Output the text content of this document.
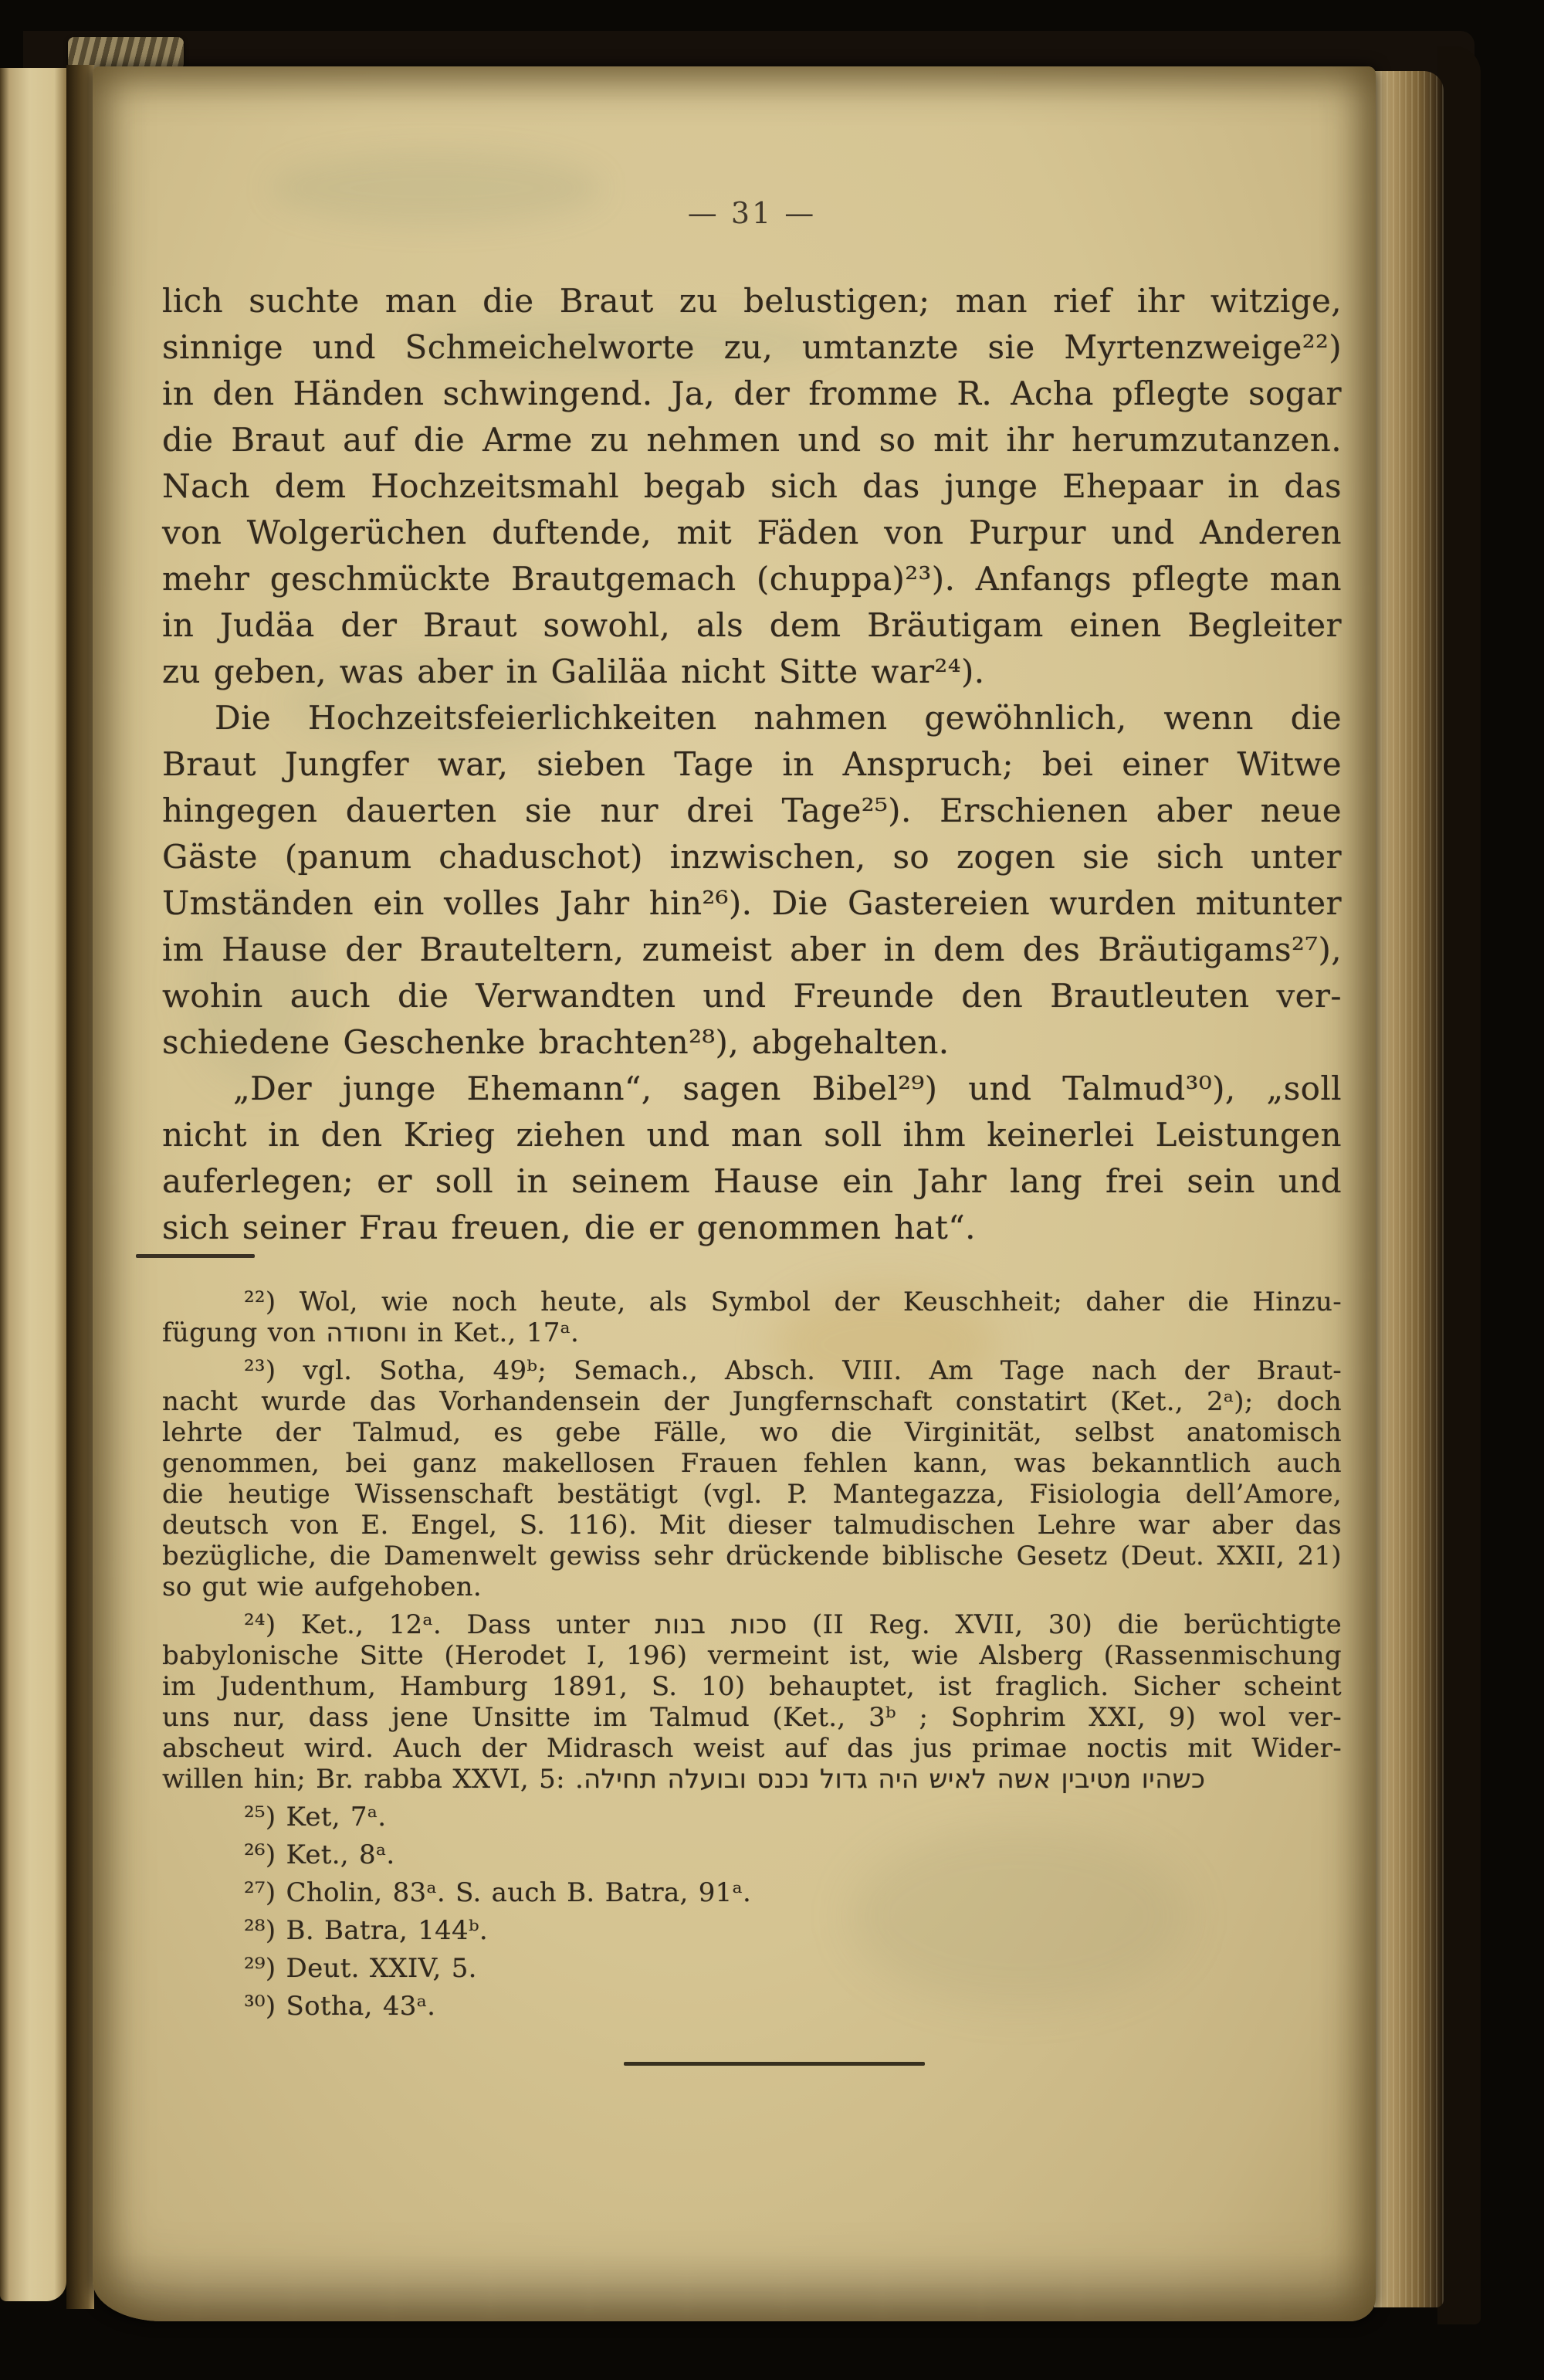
— 31 —
lich suchte man die Braut zu belustigen; man rief ihr witzige,
sinnige und Schmeichelworte zu, umtanzte sie Myrtenzweige²²)
in den Händen schwingend. Ja, der fromme R. Acha pflegte sogar
die Braut auf die Arme zu nehmen und so mit ihr herumzutanzen.
Nach dem Hochzeitsmahl begab sich das junge Ehepaar in das
von Wolgerüchen duftende, mit Fäden von Purpur und Anderen
mehr geschmückte Brautgemach (chuppa)²³). Anfangs pflegte man
in Judäa der Braut sowohl, als dem Bräutigam einen Begleiter
zu geben, was aber in Galiläa nicht Sitte war²⁴).
Die Hochzeitsfeierlichkeiten nahmen gewöhnlich, wenn die
Braut Jungfer war, sieben Tage in Anspruch; bei einer Witwe
hingegen dauerten sie nur drei Tage²⁵). Erschienen aber neue
Gäste (panum chaduschot) inzwischen, so zogen sie sich unter
Umständen ein volles Jahr hin²⁶). Die Gastereien wurden mitunter
im Hause der Brauteltern, zumeist aber in dem des Bräutigams²⁷),
wohin auch die Verwandten und Freunde den Brautleuten ver-
schiedene Geschenke brachten²⁸), abgehalten.
„Der junge Ehemann“, sagen Bibel²⁹) und Talmud³⁰), „soll
nicht in den Krieg ziehen und man soll ihm keinerlei Leistungen
auferlegen; er soll in seinem Hause ein Jahr lang frei sein und
sich seiner Frau freuen, die er genommen hat“.
²²) Wol, wie noch heute, als Symbol der Keuschheit; daher die Hinzu-
fügung von וחסודה in Ket., 17ᵃ.
²³) vgl. Sotha, 49ᵇ; Semach., Absch. VIII. Am Tage nach der Braut-
nacht wurde das Vorhandensein der Jungfernschaft constatirt (Ket., 2ᵃ); doch
lehrte der Talmud, es gebe Fälle, wo die Virginität, selbst anatomisch
genommen, bei ganz makellosen Frauen fehlen kann, was bekanntlich auch
die heutige Wissenschaft bestätigt (vgl. P. Mantegazza, Fisiologia dell’Amore,
deutsch von E. Engel, S. 116). Mit dieser talmudischen Lehre war aber das
bezügliche, die Damenwelt gewiss sehr drückende biblische Gesetz (Deut. XXII, 21)
so gut wie aufgehoben.
²⁴) Ket., 12ᵃ. Dass unter סכות בנות (II Reg. XVII, 30) die berüchtigte
babylonische Sitte (Herodet I, 196) vermeint ist, wie Alsberg (Rassenmischung
im Judenthum, Hamburg 1891, S. 10) behauptet, ist fraglich. Sicher scheint
uns nur, dass jene Unsitte im Talmud (Ket., 3ᵇ ; Sophrim XXI, 9) wol ver-
abscheut wird. Auch der Midrasch weist auf das jus primae noctis mit Wider-
willen hin; Br. rabba XXVI, 5: כשהיו מטיבין אשה לאיש היה גדול נכנס ובועלה תחילה.‏
²⁵) Ket, 7ᵃ.
²⁶) Ket., 8ᵃ.
²⁷) Cholin, 83ᵃ. S. auch B. Batra, 91ᵃ.
²⁸) B. Batra, 144ᵇ.
²⁹) Deut. XXIV, 5.
³⁰) Sotha, 43ᵃ.
